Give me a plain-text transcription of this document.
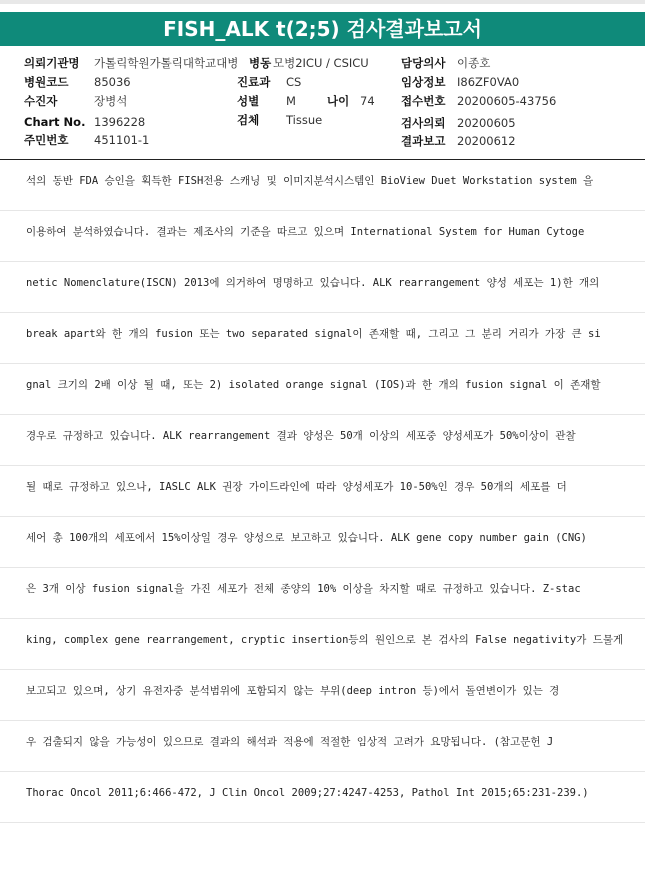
FISH_ALK t(2;5) 검사결과보고서
의뢰기관명 가톨릭학원가톨릭대학교대병 병동 모병2ICU / CSICU	담당의사 이종호
병원코드 85036	진료과 CS	임상정보 I86ZF0VA0
수진자	장병석	성별 M	나이 74 접수번호 20200605-43756
Chart No. 1396228	검체 Tissue	검사의뢰 20200605
주민번호 451101-1	결과보고 20200612
석의 동반 FDA 승인을 획득한 FISH전용 스캐닝 및 이미지분석시스템인 BioView Duet Workstation system 을
이용하여 분석하였습니다. 결과는 제조사의 기준을 따르고 있으며 International System for Human Cytoge
netic Nomenclature(ISCN) 2013에 의거하여 명명하고 있습니다. ALK rearrangement 양성 세포는 1)한 개의
break apart와 한 개의 fusion 또는 two separated signal이 존재할 때, 그리고 그 분리 거리가 가장 큰 si
gnal 크기의 2배 이상 될 때, 또는 2) isolated orange signal (IOS)과 한 개의 fusion signal 이 존재할
경우로 규정하고 있습니다. ALK rearrangement 결과 양성은 50개 이상의 세포중 양성세포가 50%이상이 관찰
될 때로 규정하고 있으나, IASLC ALK 권장 가이드라인에 따라 양성세포가 10-50%인 경우 50개의 세포를 더
세어 총 100개의 세포에서 15%이상일 경우 양성으로 보고하고 있습니다. ALK gene copy number gain (CNG)
은 3개 이상 fusion signal을 가진 세포가 전체 종양의 10% 이상을 차지할 때로 규정하고 있습니다. Z-stac
king, complex gene rearrangement, cryptic insertion등의 원인으로 본 검사의 False negativity가 드물게
보고되고 있으며, 상기 유전자중 분석범위에 포함되지 않는 부위(deep intron 등)에서 돌연변이가 있는 경
우 검출되지 않을 가능성이 있으므로 결과의 해석과 적용에 적절한 임상적 고려가 요망됩니다. (참고문헌 J
Thorac Oncol 2011;6:466-472, J Clin Oncol 2009;27:4247-4253, Pathol Int 2015;65:231-239.)
